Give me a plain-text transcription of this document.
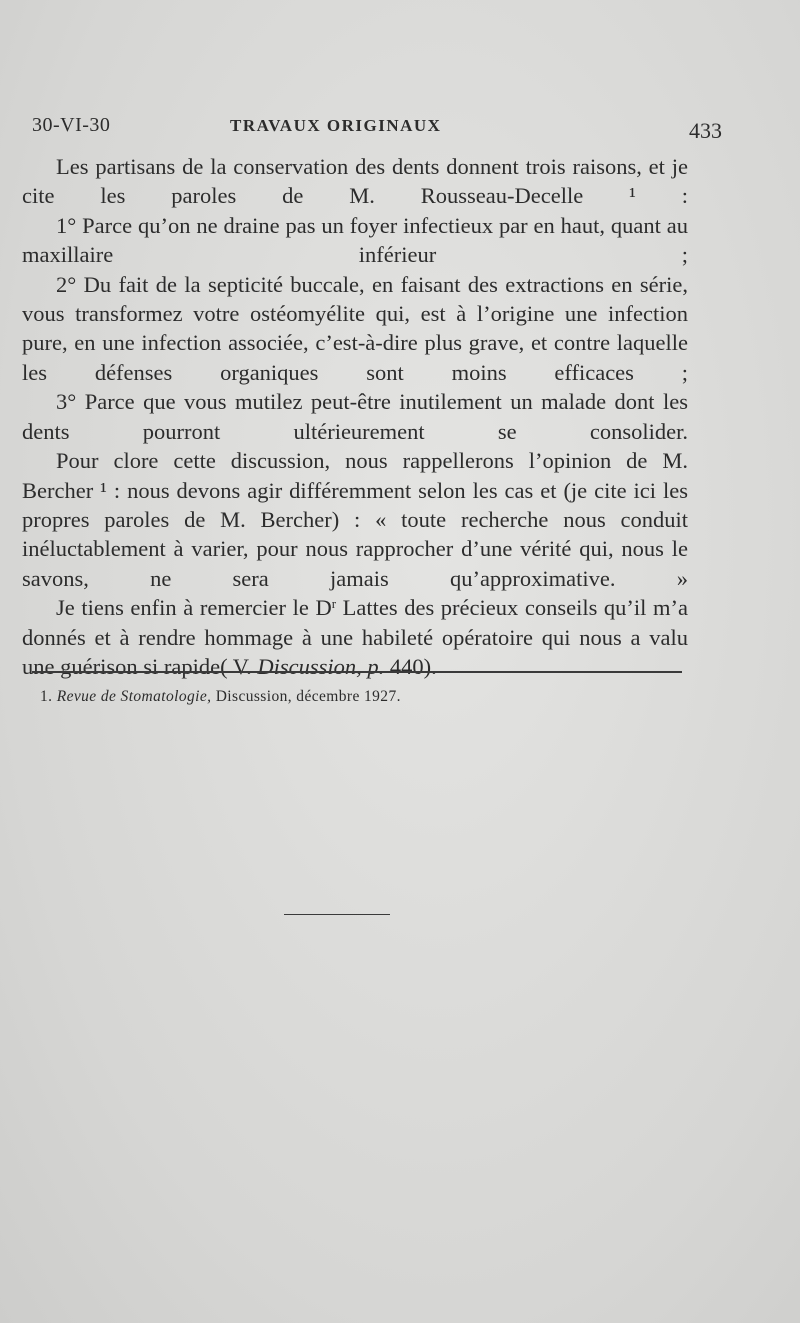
30-VI-30	TRAVAUX ORIGINAUX	433

Les partisans de la conservation des dents donnent trois raisons, et je cite les paroles de M. Rousseau-Decelle ¹ :

1° Parce qu’on ne draine pas un foyer infectieux par en haut, quant au maxillaire inférieur ;

2° Du fait de la septicité buccale, en faisant des extractions en série, vous transformez votre ostéomyélite qui, est à l’origine une infection pure, en une infection associée, c’est-à-dire plus grave, et contre laquelle les défenses organiques sont moins efficaces ;

3° Parce que vous mutilez peut-être inutilement un malade dont les dents pourront ultérieurement se consolider.

Pour clore cette discussion, nous rappellerons l’opinion de M. Bercher ¹ : nous devons agir différemment selon les cas et (je cite ici les propres paroles de M. Bercher) : « toute recherche nous conduit inéluctablement à varier, pour nous rapprocher d’une vérité qui, nous le savons, ne sera jamais qu’approximative. »

Je tiens enfin à remercier le $D^r$ Lattes des précieux conseils qu’il m’a donnés et à rendre hommage à une habileté opératoire qui nous a valu une guérison si rapide( V. Discussion, p. 440).

1. Revue de Stomatologie, Discussion, décembre 1927.
